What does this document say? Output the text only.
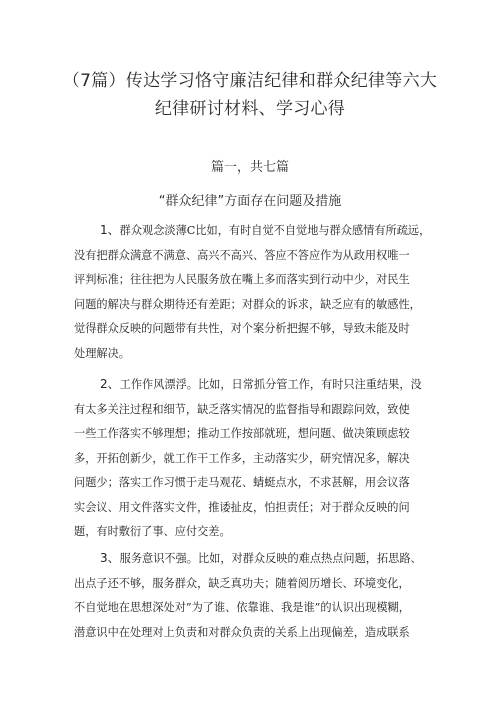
（7篇）传达学习恪守廉洁纪律和群众纪律等六大
纪律研讨材料、学习心得
篇一，共七篇
“群众纪律”方面存在问题及措施
1、群众观念淡薄C比如，有时自觉不自觉地与群众感情有所疏远，
没有把群众满意不满意、高兴不高兴、答应不答应作为从政用权唯一
评判标准；往往把为人民服务放在嘴上多而落实到行动中少，对民生
问题的解决与群众期待还有差距；对群众的诉求，缺乏应有的敏感性，
觉得群众反映的问题带有共性，对个案分析把握不够，导致未能及时
处理解决。
2、工作作风漂浮。比如，日常抓分管工作，有时只注重结果，没
有太多关注过程和细节，缺乏落实情况的监督指导和跟踪问效，致使
一些工作落实不够理想；推动工作按部就班，想问题、做决策顾虑较
多，开拓创新少，就工作干工作多，主动落实少，研究情况多，解决
问题少；落实工作习惯于走马观花、蜻蜓点水，不求甚解，用会议落
实会议、用文件落实文件，推诿扯皮，怕担责任；对于群众反映的问
题，有时敷衍了事、应付交差。
3、服务意识不强。比如，对群众反映的难点热点问题，拓思路、
出点子还不够，服务群众，缺乏真功夫；随着阅历增长、环境变化，
不自觉地在思想深处对”为了谁、依靠谁、我是谁”的认识出现模糊，
潜意识中在处理对上负责和对群众负责的关系上出现偏差，造成联系
